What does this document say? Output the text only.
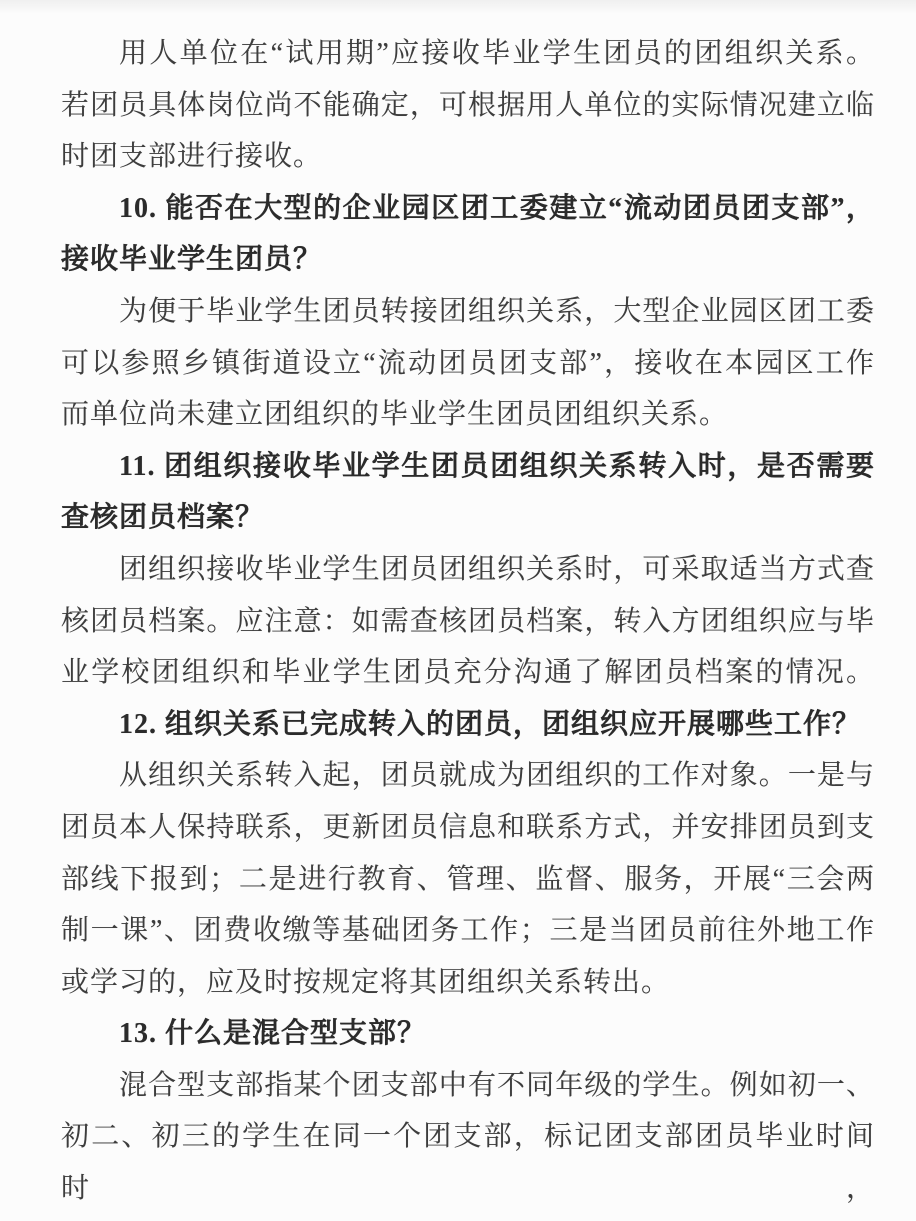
用人单位在“试用期”应接收毕业学生团员的团组织关系。
若团员具体岗位尚不能确定，可根据用人单位的实际情况建立临
时团支部进行接收。
10. 能否在大型的企业园区团工委建立“流动团员团支部”，
接收毕业学生团员？
为便于毕业学生团员转接团组织关系，大型企业园区团工委
可以参照乡镇街道设立“流动团员团支部”，接收在本园区工作
而单位尚未建立团组织的毕业学生团员团组织关系。
11. 团组织接收毕业学生团员团组织关系转入时，是否需要
查核团员档案？
团组织接收毕业学生团员团组织关系时，可采取适当方式查
核团员档案。应注意：如需查核团员档案，转入方团组织应与毕
业学校团组织和毕业学生团员充分沟通了解团员档案的情况。
12. 组织关系已完成转入的团员，团组织应开展哪些工作？
从组织关系转入起，团员就成为团组织的工作对象。一是与
团员本人保持联系，更新团员信息和联系方式，并安排团员到支
部线下报到；二是进行教育、管理、监督、服务，开展“三会两
制一课”、团费收缴等基础团务工作；三是当团员前往外地工作
或学习的，应及时按规定将其团组织关系转出。
13. 什么是混合型支部？
混合型支部指某个团支部中有不同年级的学生。例如初一、
初二、初三的学生在同一个团支部，标记团支部团员毕业时间时，
